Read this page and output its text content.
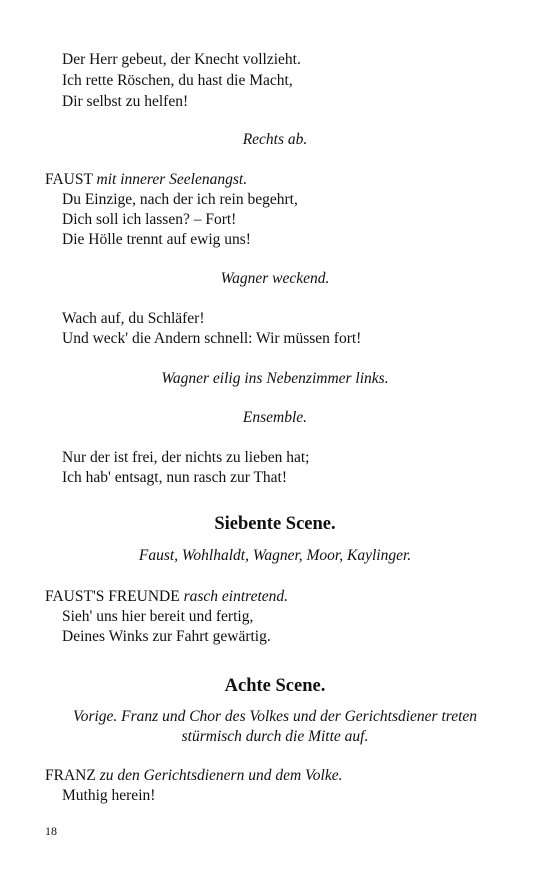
Der Herr gebeut, der Knecht vollzieht.
Ich rette Röschen, du hast die Macht,
Dir selbst zu helfen!
Rechts ab.
FAUST mit innerer Seelenangst.
Du Einzige, nach der ich rein begehrt,
Dich soll ich lassen? – Fort!
Die Hölle trennt auf ewig uns!
Wagner weckend.
Wach auf, du Schläfer!
Und weck' die Andern schnell: Wir müssen fort!
Wagner eilig ins Nebenzimmer links.
Ensemble.
Nur der ist frei, der nichts zu lieben hat;
Ich hab' entsagt, nun rasch zur That!
Siebente Scene.
Faust, Wohlhaldt, Wagner, Moor, Kaylinger.
FAUST'S FREUNDE rasch eintretend.
Sieh' uns hier bereit und fertig,
Deines Winks zur Fahrt gewärtig.
Achte Scene.
Vorige. Franz und Chor des Volkes und der Gerichtsdiener treten
stürmisch durch die Mitte auf.
FRANZ zu den Gerichtsdienern und dem Volke.
Muthig herein!
18
